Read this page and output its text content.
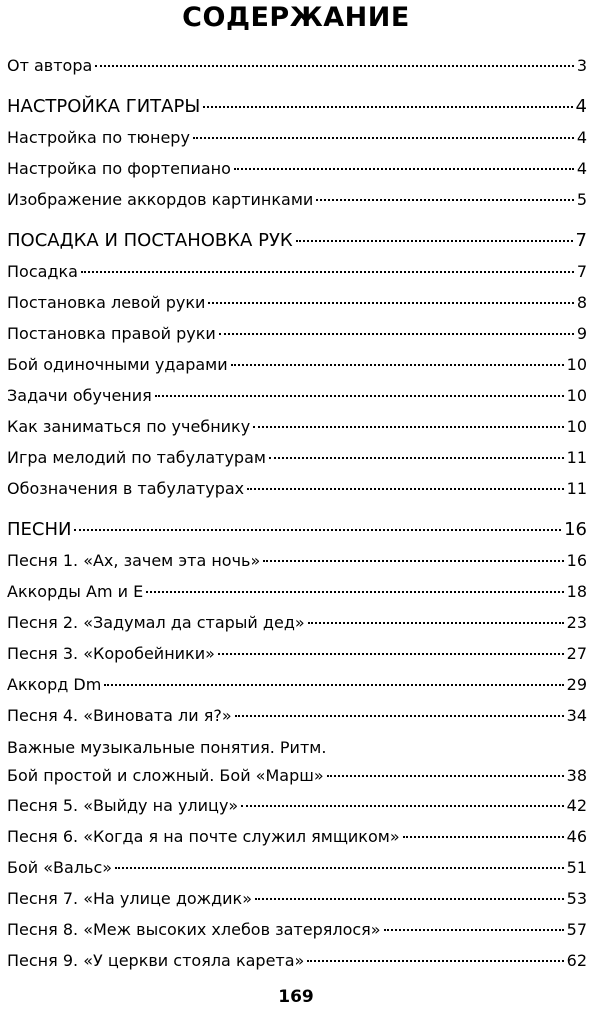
СОДЕРЖАНИЕ
От автора	3
НАСТРОЙКА ГИТАРЫ	4
Настройка по тюнеру	4
Настройка по фортепиано	4
Изображение аккордов картинками	5
ПОСАДКА И ПОСТАНОВКА РУК	7
Посадка	7
Постановка левой руки	8
Постановка правой руки	9
Бой одиночными ударами	10
Задачи обучения	10
Как заниматься по учебнику	10
Игра мелодий по табулатурам	11
Обозначения в табулатурах	11
ПЕСНИ	16
Песня 1. «Ах, зачем эта ночь»	16
Аккорды Am и E	18
Песня 2. «Задумал да старый дед»	23
Песня 3. «Коробейники»	27
Аккорд Dm	29
Песня 4. «Виновата ли я?»	34
Важные музыкальные понятия. Ритм.
Бой простой и сложный. Бой «Марш»	38
Песня 5. «Выйду на улицу»	42
Песня 6. «Когда я на почте служил ямщиком»	46
Бой «Вальс»	51
Песня 7. «На улице дождик»	53
Песня 8. «Меж высоких хлебов затерялося»	57
Песня 9. «У церкви стояла карета»	62
169
